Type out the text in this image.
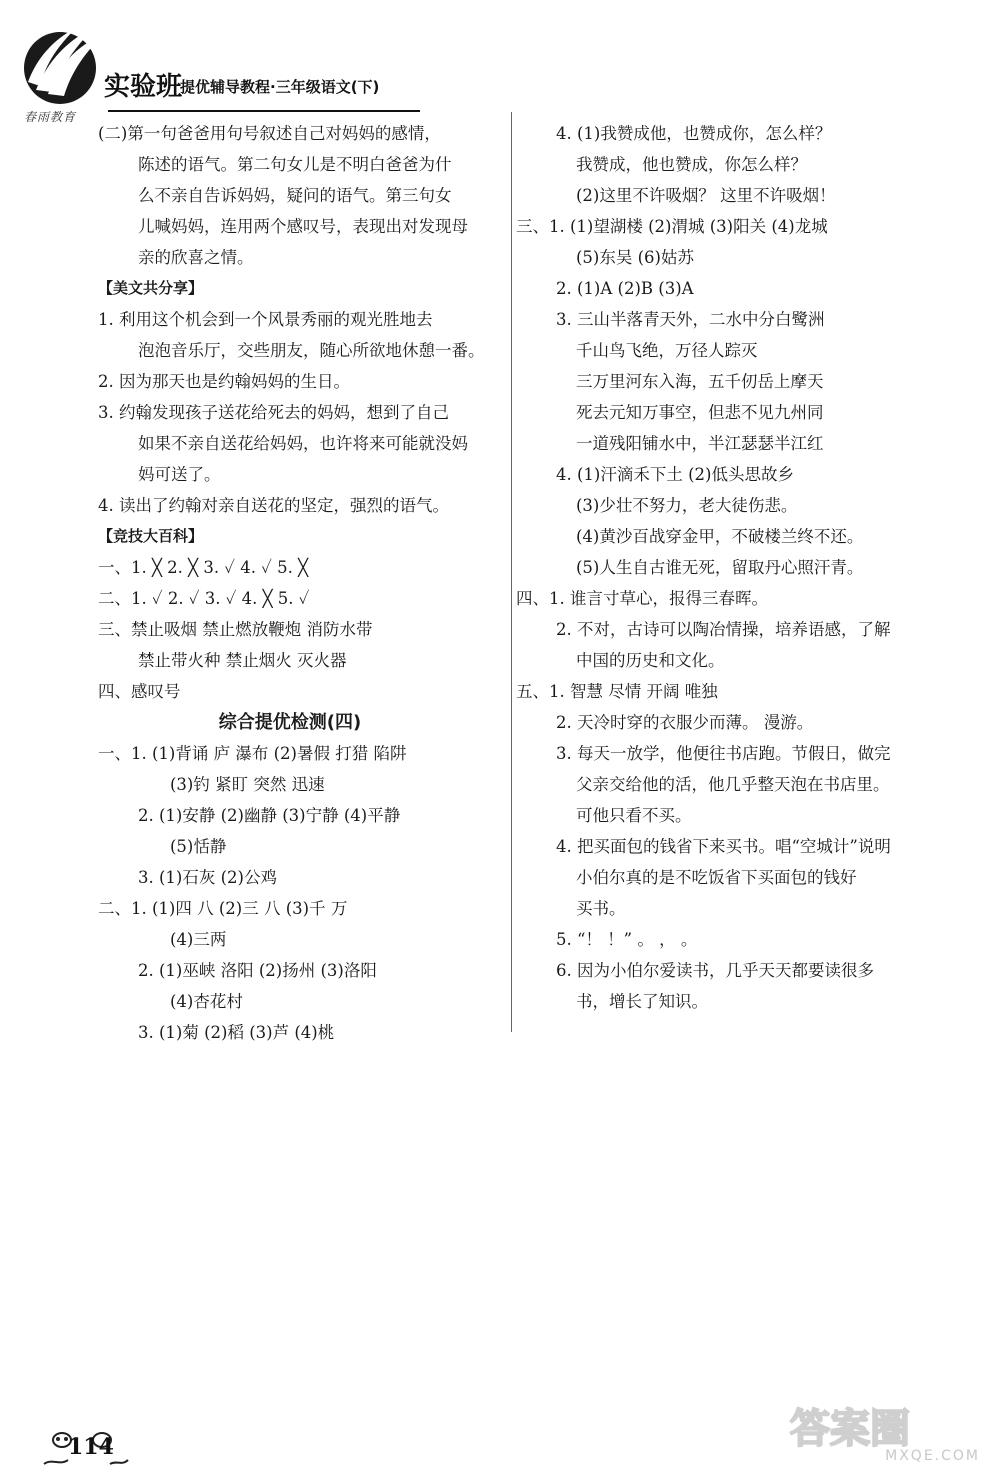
春雨教育
实验班
提优辅导教程·三年级语文(下)
(二)第一句爸爸用句号叙述自己对妈妈的感情，
陈述的语气。第二句女儿是不明白爸爸为什
么不亲自告诉妈妈，疑问的语气。第三句女
儿喊妈妈，连用两个感叹号，表现出对发现母
亲的欣喜之情。
【美文共分享】
1. 利用这个机会到一个风景秀丽的观光胜地去
泡泡音乐厅，交些朋友，随心所欲地休憩一番。
2. 因为那天也是约翰妈妈的生日。
3. 约翰发现孩子送花给死去的妈妈，想到了自己
如果不亲自送花给妈妈，也许将来可能就没妈
妈可送了。
4. 读出了约翰对亲自送花的坚定，强烈的语气。
【竞技大百科】
一、1. ╳ 2. ╳ 3. ✓ 4. ✓ 5. ╳
二、1. ✓ 2. ✓ 3. ✓ 4. ╳ 5. ✓
三、禁止吸烟 禁止燃放鞭炮 消防水带
禁止带火种 禁止烟火 灭火器
四、感叹号
综合提优检测(四)
一、1. (1)背诵 庐 瀑布 (2)暑假 打猎 陷阱
(3)钓 紧盯 突然 迅速
2. (1)安静 (2)幽静 (3)宁静 (4)平静
(5)恬静
3. (1)石灰 (2)公鸡
二、1. (1)四 八 (2)三 八 (3)千 万
(4)三两
2. (1)巫峡 洛阳 (2)扬州 (3)洛阳
(4)杏花村
3. (1)菊 (2)稻 (3)芦 (4)桃
4. (1)我赞成他，也赞成你，怎么样？
我赞成，他也赞成，你怎么样？
(2)这里不许吸烟？ 这里不许吸烟！
三、1. (1)望湖楼 (2)渭城 (3)阳关 (4)龙城
(5)东吴 (6)姑苏
2. (1)A (2)B (3)A
3. 三山半落青天外，二水中分白鹭洲
千山鸟飞绝，万径人踪灭
三万里河东入海，五千仞岳上摩天
死去元知万事空，但悲不见九州同
一道残阳铺水中，半江瑟瑟半江红
4. (1)汗滴禾下土 (2)低头思故乡
(3)少壮不努力，老大徒伤悲。
(4)黄沙百战穿金甲，不破楼兰终不还。
(5)人生自古谁无死，留取丹心照汗青。
四、1. 谁言寸草心，报得三春晖。
2. 不对，古诗可以陶冶情操，培养语感，了解
中国的历史和文化。
五、1. 智慧 尽情 开阔 唯独
2. 天冷时穿的衣服少而薄。 漫游。
3. 每天一放学，他便往书店跑。节假日，做完
父亲交给他的活，他几乎整天泡在书店里。
可他只看不买。
4. 把买面包的钱省下来买书。唱“空城计”说明
小伯尔真的是不吃饭省下买面包的钱好
买书。
5. “！ ！” 。 ， 。
6. 因为小伯尔爱读书，几乎天天都要读很多
书，增长了知识。
114	答案圈
MXQE.COM
